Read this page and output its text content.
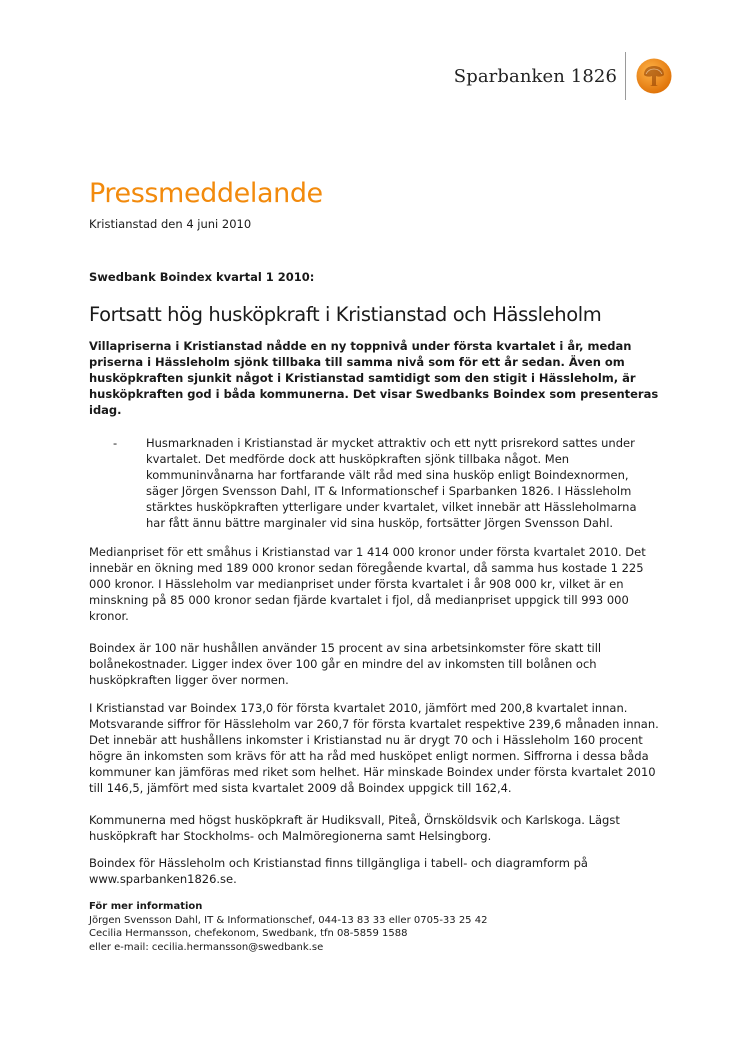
Sparbanken 1826
Pressmeddelande

Kristianstad den 4 juni 2010

Swedbank Boindex kvartal 1 2010:

Fortsatt hög husköpkraft i Kristianstad och Hässleholm

Villapriserna i Kristianstad nådde en ny toppnivå under första kvartalet i år, medan priserna i Hässleholm sjönk tillbaka till samma nivå som för ett år sedan. Även om husköpkraften sjunkit något i Kristianstad samtidigt som den stigit i Hässleholm, är husköpkraften god i båda kommunerna. Det visar Swedbanks Boindex som presenteras idag.

-	Husmarknaden i Kristianstad är mycket attraktiv och ett nytt prisrekord sattes under kvartalet. Det medförde dock att husköpkraften sjönk tillbaka något. Men kommuninvånarna har fortfarande vält råd med sina husköp enligt Boindexnormen, säger Jörgen Svensson Dahl, IT & Informationschef i Sparbanken 1826. I Hässleholm stärktes husköpkraften ytterligare under kvartalet, vilket innebär att Hässleholmarna har fått ännu bättre marginaler vid sina husköp, fortsätter Jörgen Svensson Dahl.

Medianpriset för ett småhus i Kristianstad var 1 414 000 kronor under första kvartalet 2010. Det innebär en ökning med 189 000 kronor sedan föregående kvartal, då samma hus kostade 1 225 000 kronor. I Hässleholm var medianpriset under första kvartalet i år 908 000 kr, vilket är en minskning på 85 000 kronor sedan fjärde kvartalet i fjol, då medianpriset uppgick till 993 000 kronor.

Boindex är 100 när hushållen använder 15 procent av sina arbetsinkomster före skatt till bolånekostnader. Ligger index över 100 går en mindre del av inkomsten till bolånen och husköpkraften ligger över normen.

I Kristianstad var Boindex 173,0 för första kvartalet 2010, jämfört med 200,8 kvartalet innan. Motsvarande siffror för Hässleholm var 260,7 för första kvartalet respektive 239,6 månaden innan. Det innebär att hushållens inkomster i Kristianstad nu är drygt 70 och i Hässleholm 160 procent högre än inkomsten som krävs för att ha råd med husköpet enligt normen. Siffrorna i dessa båda kommuner kan jämföras med riket som helhet. Här minskade Boindex under första kvartalet 2010 till 146,5, jämfört med sista kvartalet 2009 då Boindex uppgick till 162,4.

Kommunerna med högst husköpkraft är Hudiksvall, Piteå, Örnsköldsvik och Karlskoga. Lägst husköpkraft har Stockholms- och Malmöregionerna samt Helsingborg.

Boindex för Hässleholm och Kristianstad finns tillgängliga i tabell- och diagramform på www.sparbanken1826.se.

För mer information
Jörgen Svensson Dahl, IT & Informationschef, 044-13 83 33 eller 0705-33 25 42
Cecilia Hermansson, chefekonom, Swedbank, tfn 08-5859 1588
eller e-mail: cecilia.hermansson@swedbank.se
